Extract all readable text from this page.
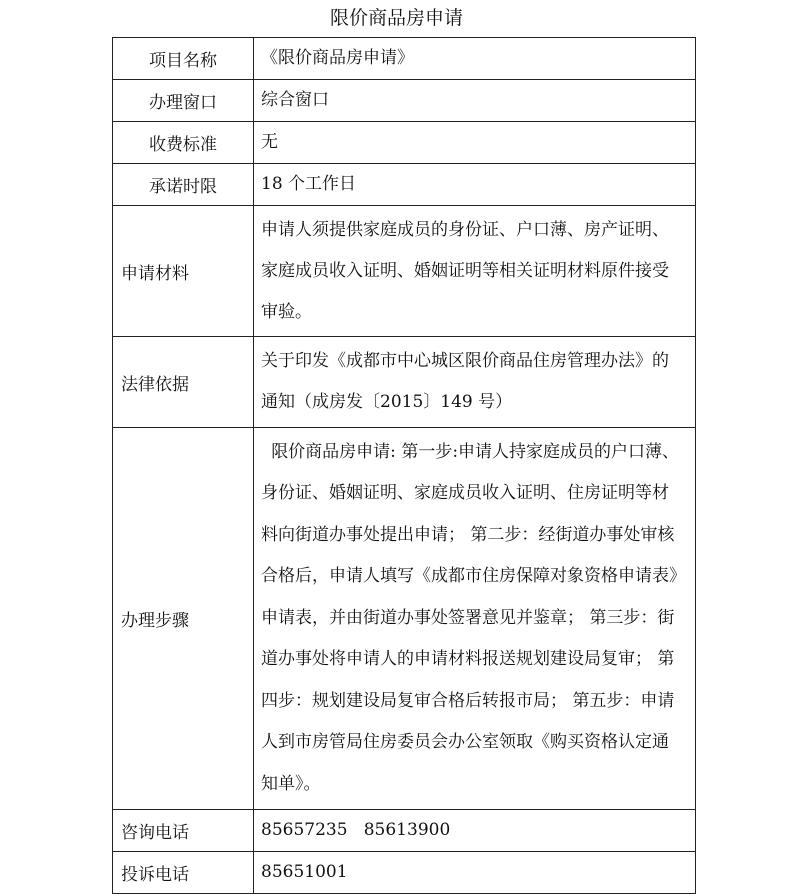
限价商品房申请
项目名称	《限价商品房申请》
办理窗口	综合窗口
收费标准	无
承诺时限	18 个工作日
申请材料	申请人须提供家庭成员的身份证、户口薄、房产证明、家庭成员收入证明、婚姻证明等相关证明材料原件接受审验。
法律依据	关于印发《成都市中心城区限价商品住房管理办法》的通知（成房发〔2015〕149 号）
办理步骤	限价商品房申请: 第一步:申请人持家庭成员的户口薄、身份证、婚姻证明、家庭成员收入证明、住房证明等材料向街道办事处提出申请； 第二步：经街道办事处审核合格后，申请人填写《成都市住房保障对象资格申请表》申请表，并由街道办事处签署意见并鉴章； 第三步：街道办事处将申请人的申请材料报送规划建设局复审； 第四步：规划建设局复审合格后转报市局； 第五步：申请人到市房管局住房委员会办公室领取《购买资格认定通知单》。

咨询电话	85657235   85613900
投诉电话	85651001
